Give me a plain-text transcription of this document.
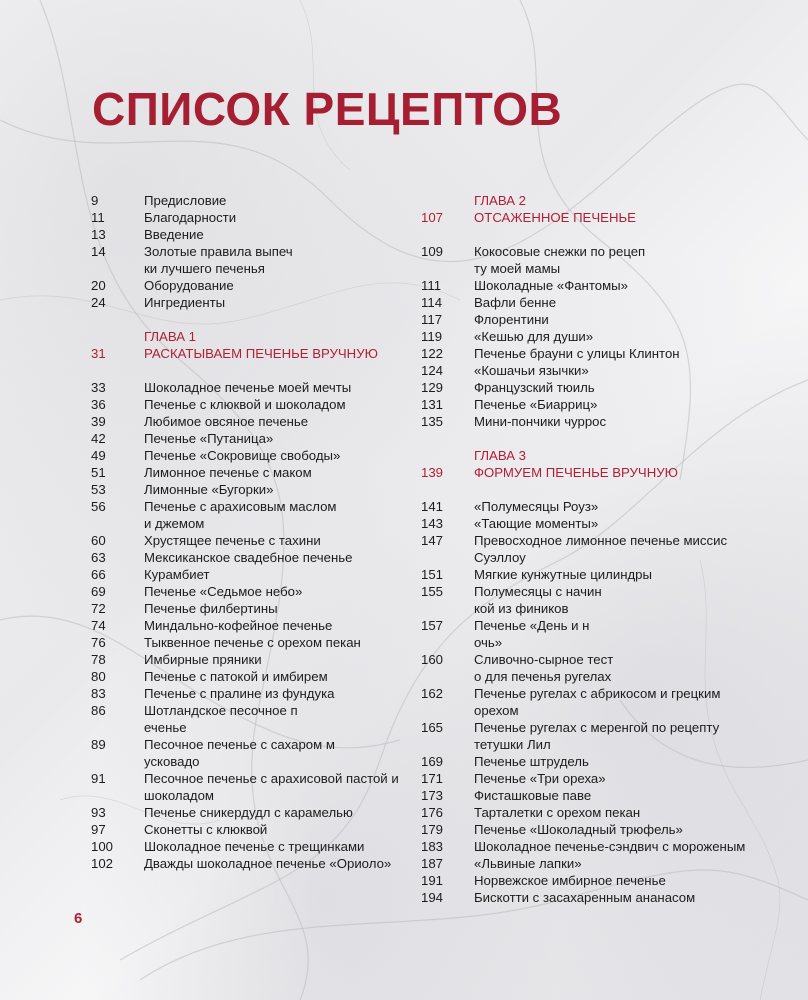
СПИСОК РЕЦЕПТОВ
9	Предисловие
11	Благодарности
13	Введение
14	Золотые правила выпеч
ки лучшего печенья
20	Оборудование
24	Ингредиенты
ГЛАВА 1
31	РАСКАТЫВАЕМ ПЕЧЕНЬЕ ВРУЧНУЮ
33	Шоколадное печенье моей мечты
36	Печенье с клюквой и шоколадом
39	Любимое овсяное печенье
42	Печенье «Путаница»
49	Печенье «Сокровище свободы»
51	Лимонное печенье с маком
53	Лимонные «Бугорки»
56	Печенье с арахисовым маслом
и джемом
60	Хрустящее печенье с тахини
63	Мексиканское свадебное печенье
66	Курамбиет
69	Печенье «Седьмое небо»
72	Печенье филбертины
74	Миндально-кофейное печенье
76	Тыквенное печенье с орехом пекан
78	Имбирные пряники
80	Печенье с патокой и имбирем
83	Печенье с пралине из фундука
86	Шотландское песочное п
еченье
89	Песочное печенье с сахаром м
усковадо
91	Песочное печенье с арахисовой пастой и шоколадом
93	Печенье сникердудл с карамелью
97	Сконетты с клюквой

100	Шоколадное печенье с трещинками
102	Дважды шоколадное печенье «Ориоло»
ГЛАВА 2
107	ОТСАЖЕННОЕ ПЕЧЕНЬЕ
109	Кокосовые снежки по рецеп
ту моей мамы
111	Шоколадные «Фантомы»
114	Вафли бенне
117	Флорентини
119	«Кешью для души»
122	Печенье брауни с улицы Клинтон
124	«Кошачьи язычки»
129	Французский тюиль
131	Печенье «Биарриц»
135	Мини-пончики чуррос
ГЛАВА 3
139	ФОРМУЕМ ПЕЧЕНЬЕ ВРУЧНУЮ
141	«Полумесяцы Роуз»

143	«Тающие моменты»
147	Превосходное лимонное печенье миссис Суэллоу
151	Мягкие кунжутные цилиндры
155	Полумесяцы с начин
кой из фиников
157	Печенье «День и н
очь»
160	Сливочно-сырное тест
о для печенья ругелах
162	Печенье ругелах с абрикосом и грецким орехом
165	Печенье ругелах с меренгой по рецепту тетушки Лил
169	Печенье штрудель
171	Печенье «Три ореха»
173	Фисташковые паве
176	Тарталетки с орехом пекан

179	Печенье «Шоколадный трюфель»
183	Шоколадное печенье-сэндвич с мороженым
187	«Львиные лапки»
191	Норвежское имбирное печенье
194	Бискотти с засахаренным ананасом
6
